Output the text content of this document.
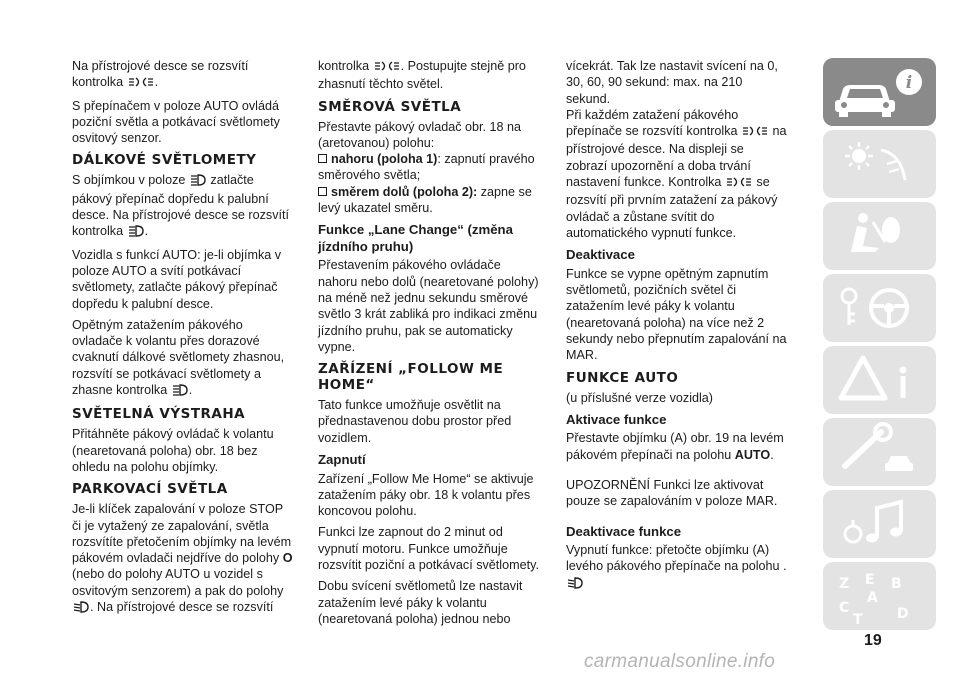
Na přístrojové desce se rozsvítí
kontrolka	.

S přepínačem v poloze AUTO ovládá poziční světla a potkávací světlomety osvitový senzor.

DÁLKOVÉ SVĚTLOMETY

S objímkou v poloze zatlačte pákový přepínač dopředu k palubní desce. Na přístrojové desce se rozsvítí kontrolka .

Vozidla s funkcí AUTO: je-li objímka v poloze AUTO a svítí potkávací světlomety, zatlačte pákový přepínač dopředu k palubní desce.

Opětným zatažením pákového ovladače k volantu přes dorazové cvaknutí dálkové světlomety zhasnou, rozsvítí se potkávací světlomety a zhasne kontrolka .

SVĚTELNÁ VÝSTRAHA

Přitáhněte pákový ovládač k volantu (nearetovaná poloha) obr. 18 bez ohledu na polohu objímky.

PARKOVACÍ SVĚTLA

Je-li klíček zapalování v poloze STOP či je vytažený ze zapalování, světla rozsvítíte přetočením objímky na levém pákovém ovladači nejdříve do polohy O (nebo do polohy AUTO u vozidel s osvitovým senzorem) a pak do polohy . Na přístrojové desce se rozsvítí

kontrolka	. Postupujte stejně pro zhasnutí těchto světel.

SMĚROVÁ SVĚTLA

Přestavte pákový ovladač obr. 18 na (aretovanou) polohu:

nahoru (poloha 1): zapnutí pravého směrového světla;

směrem dolů (poloha 2): zapne se levý ukazatel směru.

Funkce „Lane Change“ (změna jízdního pruhu)

Přestavením pákového ovládače nahoru nebo dolů (nearetované polohy) na méně než jednu sekundu směrové světlo 3 krát zabliká pro indikaci změnu jízdního pruhu, pak se automaticky vypne.

ZAŘÍZENÍ „FOLLOW ME HOME“

Tato funkce umožňuje osvětlit na přednastavenou dobu prostor před vozidlem.

Zapnutí

Zařízení „Follow Me Home“ se aktivuje zatažením páky obr. 18 k volantu přes koncovou polohu.

Funkci lze zapnout do 2 minut od vypnutí motoru. Funkce umožňuje rozsvítit poziční a potkávací světlomety.

Dobu svícení světlometů lze nastavit zatažením levé páky k volantu (nearetovaná poloha) jednou nebo

vícekrát. Tak lze nastavit svícení na 0, 30, 60, 90 sekund: max. na 210 sekund.

Při každém zatažení pákového přepínače se rozsvítí kontrolka	na přístrojové desce. Na displeji se zobrazí upozornění a doba trvání nastavení funkce. Kontrolka	se rozsvítí při prvním zatažení za pákový ovládač a zůstane svítit do automatického vypnutí funkce.

Deaktivace

Funkce se vypne opětným zapnutím světlometů, pozičních světel či zatažením levé páky k volantu (nearetovaná poloha) na více než 2 sekundy nebo přepnutím zapalování na MAR.

FUNKCE AUTO

(u příslušné verze vozidla)

Aktivace funkce

Přestavte objímku (A) obr. 19 na levém pákovém přepínači na polohu AUTO.

UPOZORNĚNÍ Funkci lze aktivovat pouze se zapalováním v poloze MAR.

Deaktivace funkce

Vypnutí funkce: přetočte objímku (A) levého pákového přepínače na polohu .

i
Z E B
A
C
T D
19
carmanualsonline.info
